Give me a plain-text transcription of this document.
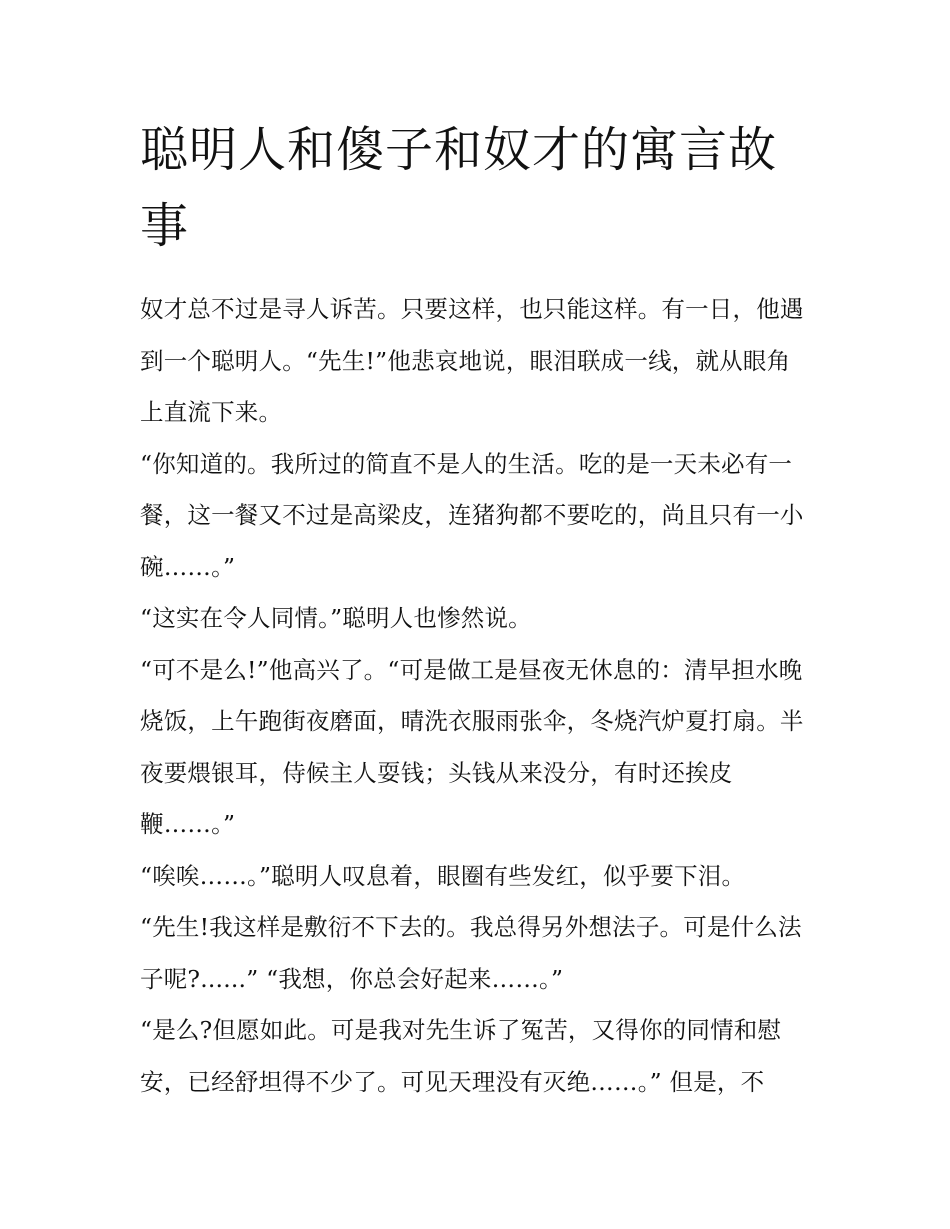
聪明人和傻子和奴才的寓言故事

奴才总不过是寻人诉苦。只要这样，也只能这样。有一日，他遇到一个聪明人。“先生!”他悲哀地说，眼泪联成一线，就从眼角上直流下来。

“你知道的。我所过的简直不是人的生活。吃的是一天未必有一餐，这一餐又不过是高梁皮，连猪狗都不要吃的，尚且只有一小碗……。”

“这实在令人同情。”聪明人也惨然说。

“可不是么!”他高兴了。“可是做工是昼夜无休息的：清早担水晚烧饭，上午跑街夜磨面，晴洗衣服雨张伞，冬烧汽炉夏打扇。半夜要煨银耳，侍候主人耍钱；头钱从来没分，有时还挨皮鞭……。”

“唉唉……。”聪明人叹息着，眼圈有些发红，似乎要下泪。

“先生!我这样是敷衍不下去的。我总得另外想法子。可是什么法子呢?......” “我想，你总会好起来……。”

“是么?但愿如此。可是我对先生诉了冤苦，又得你的同情和慰安，已经舒坦得不少了。可见天理没有灭绝……。” 但是，不
